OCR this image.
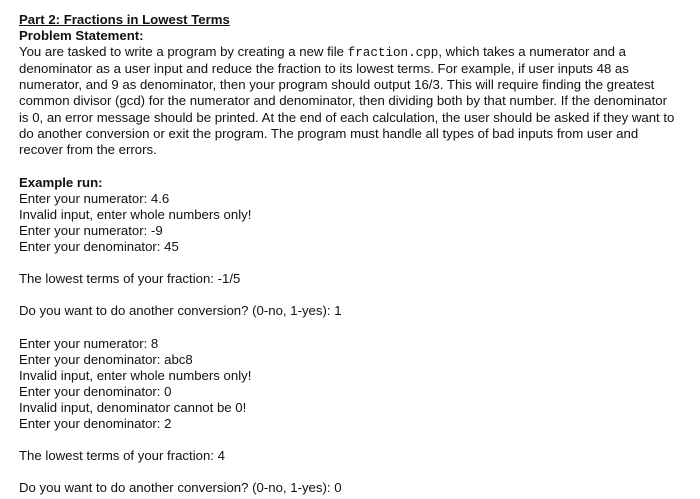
Part 2: Fractions in Lowest Terms

Problem Statement:

You are tasked to write a program by creating a new file fraction.cpp, which takes a numerator and a denominator as a user input and reduce the fraction to its lowest terms. For example, if user inputs 48 as numerator, and 9 as denominator, then your program should output 16/3. This will require finding the greatest common divisor (gcd) for the numerator and denominator, then dividing both by that number. If the denominator is 0, an error message should be printed. At the end of each calculation, the user should be asked if they want to do another conversion or exit the program. The program must handle all types of bad inputs from user and recover from the errors.

Example run:

Enter your numerator: 4.6

Invalid input, enter whole numbers only!

Enter your numerator: -9

Enter your denominator: 45

The lowest terms of your fraction: -1/5

Do you want to do another conversion? (0-no, 1-yes): 1

Enter your numerator: 8

Enter your denominator: abc8

Invalid input, enter whole numbers only!

Enter your denominator: 0

Invalid input, denominator cannot be 0!

Enter your denominator: 2

The lowest terms of your fraction: 4

Do you want to do another conversion? (0-no, 1-yes): 0
